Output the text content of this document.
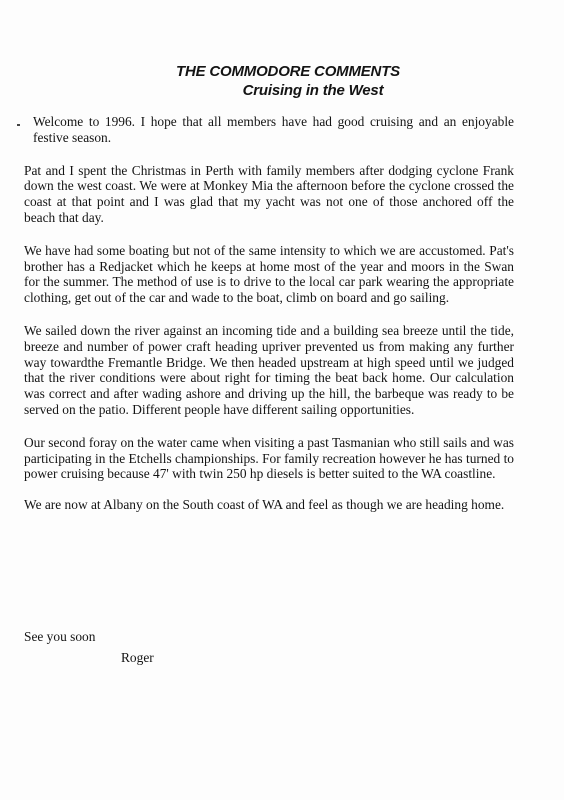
THE COMMODORE COMMENTS
Cruising in the West

Welcome to 1996. I hope that all members have had good cruising and an enjoyable festive season.

Pat and I spent the Christmas in Perth with family members after dodging cyclone Frank down the west coast. We were at Monkey Mia the afternoon before the cyclone crossed the coast at that point and I was glad that my yacht was not one of those anchored off the beach that day.

We have had some boating but not of the same intensity to which we are accustomed. Pat's brother has a Redjacket which he keeps at home most of the year and moors in the Swan for the summer. The method of use is to drive to the local car park wearing the appropriate clothing, get out of the car and wade to the boat, climb on board and go sailing.

We sailed down the river against an incoming tide and a building sea breeze until the tide, breeze and number of power craft heading upriver prevented us from making any further way towardthe Fremantle Bridge. We then headed upstream at high speed until we judged that the river conditions were about right for timing the beat back home. Our calculation was correct and after wading ashore and driving up the hill, the barbeque was ready to be served on the patio. Different people have different sailing opportunities.

Our second foray on the water came when visiting a past Tasmanian who still sails and was participating in the Etchells championships. For family recreation however he has turned to power cruising because 47' with twin 250 hp diesels is better suited to the WA coastline.

We are now at Albany on the South coast of WA and feel as though we are heading home.

See you soon
Roger
